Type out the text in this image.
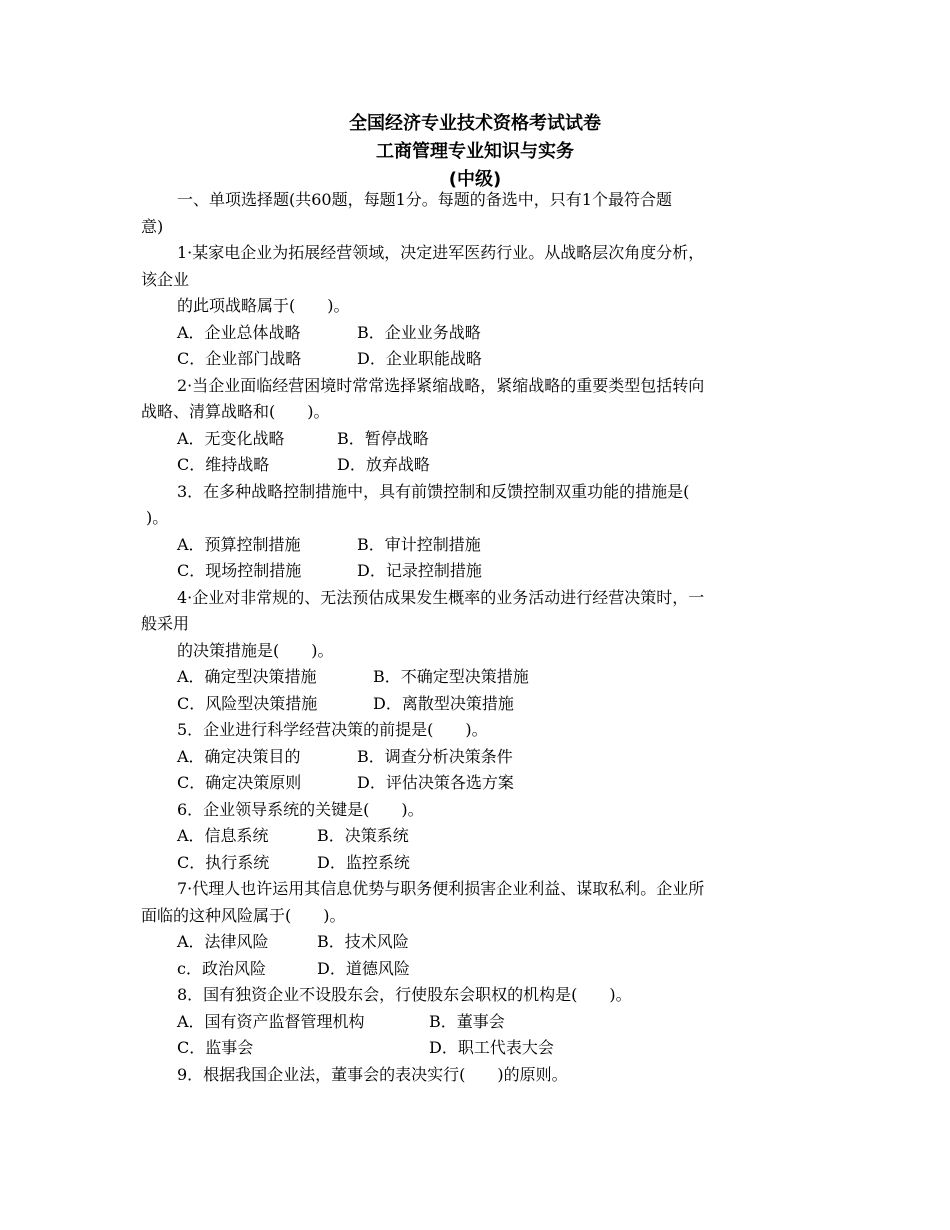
全国经济专业技术资格考试试卷
工商管理专业知识与实务
(中级)

一、单项选择题(共60题，每题1分。每题的备选中，只有1个最符合题

意)

1·某家电企业为拓展经营领域，决定进军医药行业。从战略层次角度分析，

该企业

的此项战略属于(　　)。

A．企业总体战略	B．企业业务战略

C．企业部门战略	D．企业职能战略

2·当企业面临经营困境时常常选择紧缩战略，紧缩战略的重要类型包括转向

战略、清算战略和(　　)。

A．无变化战略	B．暂停战略

C．维持战略	D．放弃战略

3．在多种战略控制措施中，具有前馈控制和反馈控制双重功能的措施是(

)。

A．预算控制措施	B．审计控制措施

C．现场控制措施	D．记录控制措施

4·企业对非常规的、无法预估成果发生概率的业务活动进行经营决策时，一

般采用

的决策措施是(　　)。

A．确定型决策措施	B．不确定型决策措施

C．风险型决策措施	D．离散型决策措施

5．企业进行科学经营决策的前提是(　　)。

A．确定决策目的	B．调查分析决策条件

C．确定决策原则	D．评估决策各选方案

6．企业领导系统的关键是(　　)。

A．信息系统	B．决策系统

C．执行系统	D．监控系统

7·代理人也许运用其信息优势与职务便利损害企业利益、谋取私利。企业所

面临的这种风险属于(　　)。

A．法律风险	B．技术风险

c．政治风险	D．道德风险

8．国有独资企业不设股东会，行使股东会职权的机构是(　　)。

A．国有资产监督管理机构	B．董事会

C．监事会	D．职工代表大会

9．根据我国企业法，董事会的表决实行(　　)的原则。
